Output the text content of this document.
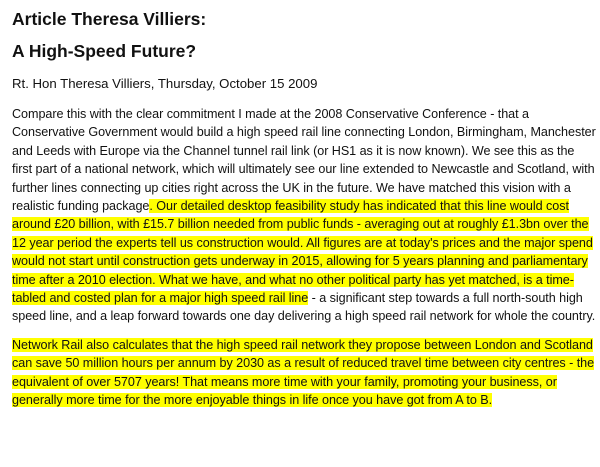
Article Theresa Villiers:
A High-Speed Future?

Rt. Hon Theresa Villiers, Thursday, October 15 2009

Compare this with the clear commitment I made at the 2008 Conservative Conference - that a Conservative Government would build a high speed rail line connecting London, Birmingham, Manchester and Leeds with Europe via the Channel tunnel rail link (or HS1 as it is now known). We see this as the first part of a national network, which will ultimately see our line extended to Newcastle and Scotland, with further lines connecting up cities right across the UK in the future. We have matched this vision with a realistic funding package. Our detailed desktop feasibility study has indicated that this line would cost around £20 billion, with £15.7 billion needed from public funds - averaging out at roughly £1.3bn over the 12 year period the experts tell us construction would. All figures are at today's prices and the major spend would not start until construction gets underway in 2015, allowing for 5 years planning and parliamentary time after a 2010 election. What we have, and what no other political party has yet matched, is a time-tabled and costed plan for a major high speed rail line - a significant step towards a full north-south high speed line, and a leap forward towards one day delivering a high speed rail network for whole the country.

Network Rail also calculates that the high speed rail network they propose between London and Scotland can save 50 million hours per annum by 2030 as a result of reduced travel time between city centres - the equivalent of over 5707 years! That means more time with your family, promoting your business, or generally more time for the more enjoyable things in life once you have got from A to B.
